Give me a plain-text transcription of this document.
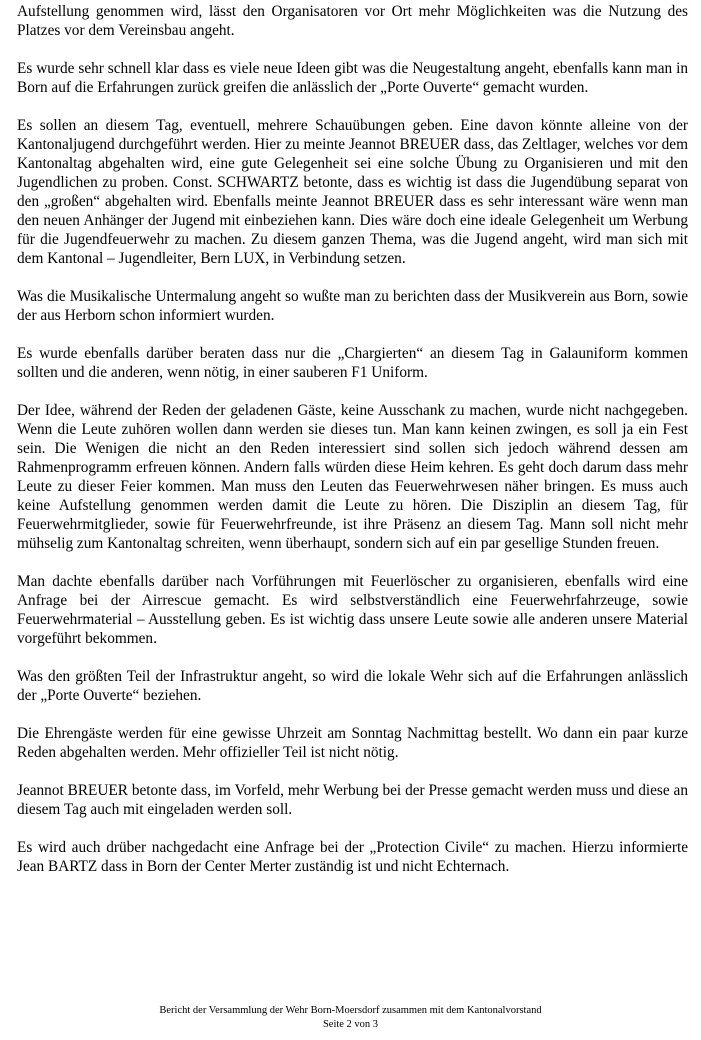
Aufstellung genommen wird, lässt den Organisatoren vor Ort mehr Möglichkeiten was die Nutzung des Platzes vor dem Vereinsbau angeht.

Es wurde sehr schnell klar dass es viele neue Ideen gibt was die Neugestaltung angeht, ebenfalls kann man in Born auf die Erfahrungen zurück greifen die anlässlich der „Porte Ouverte“ gemacht wurden.

Es sollen an diesem Tag, eventuell, mehrere Schauübungen geben. Eine davon könnte alleine von der Kantonaljugend durchgeführt werden. Hier zu meinte Jeannot BREUER dass, das Zeltlager, welches vor dem Kantonaltag abgehalten wird, eine gute Gelegenheit sei eine solche Übung zu Organisieren und mit den Jugendlichen zu proben. Const. SCHWARTZ betonte, dass es wichtig ist dass die Jugendübung separat von den „großen“ abgehalten wird. Ebenfalls meinte Jeannot BREUER dass es sehr interessant wäre wenn man den neuen Anhänger der Jugend mit einbeziehen kann. Dies wäre doch eine ideale Gelegenheit um Werbung für die Jugendfeuerwehr zu machen. Zu diesem ganzen Thema, was die Jugend angeht, wird man sich mit dem Kantonal – Jugendleiter, Bern LUX, in Verbindung setzen.

Was die Musikalische Untermalung angeht so wußte man zu berichten dass der Musikverein aus Born, sowie der aus Herborn schon informiert wurden.

Es wurde ebenfalls darüber beraten dass nur die „Chargierten“ an diesem Tag in Galauniform kommen sollten und die anderen, wenn nötig, in einer sauberen F1 Uniform.

Der Idee, während der Reden der geladenen Gäste, keine Ausschank zu machen, wurde nicht nachgegeben. Wenn die Leute zuhören wollen dann werden sie dieses tun. Man kann keinen zwingen, es soll ja ein Fest sein. Die Wenigen die nicht an den Reden interessiert sind sollen sich jedoch während dessen am Rahmenprogramm erfreuen können. Andern falls würden diese Heim kehren. Es geht doch darum dass mehr Leute zu dieser Feier kommen. Man muss den Leuten das Feuerwehrwesen näher bringen. Es muss auch keine Aufstellung genommen werden damit die Leute zu hören. Die Disziplin an diesem Tag, für Feuerwehrmitglieder, sowie für Feuerwehrfreunde, ist ihre Präsenz an diesem Tag. Mann soll nicht mehr mühselig zum Kantonaltag schreiten, wenn überhaupt, sondern sich auf ein par gesellige Stunden freuen.

Man dachte ebenfalls darüber nach Vorführungen mit Feuerlöscher zu organisieren, ebenfalls wird eine Anfrage bei der Airrescue gemacht. Es wird selbstverständlich eine Feuerwehrfahrzeuge, sowie Feuerwehrmaterial – Ausstellung geben. Es ist wichtig dass unsere Leute sowie alle anderen unsere Material vorgeführt bekommen.

Was den größten Teil der Infrastruktur angeht, so wird die lokale Wehr sich auf die Erfahrungen anlässlich der „Porte Ouverte“ beziehen.

Die Ehrengäste werden für eine gewisse Uhrzeit am Sonntag Nachmittag bestellt. Wo dann ein paar kurze Reden abgehalten werden. Mehr offizieller Teil ist nicht nötig.

Jeannot BREUER betonte dass, im Vorfeld, mehr Werbung bei der Presse gemacht werden muss und diese an diesem Tag auch mit eingeladen werden soll.

Es wird auch drüber nachgedacht eine Anfrage bei der „Protection Civile“ zu machen. Hierzu informierte Jean BARTZ dass in Born der Center Merter zuständig ist und nicht Echternach.

Bericht der Versammlung der Wehr Born-Moersdorf zusammen mit dem Kantonalvorstand
Seite 2 von 3
